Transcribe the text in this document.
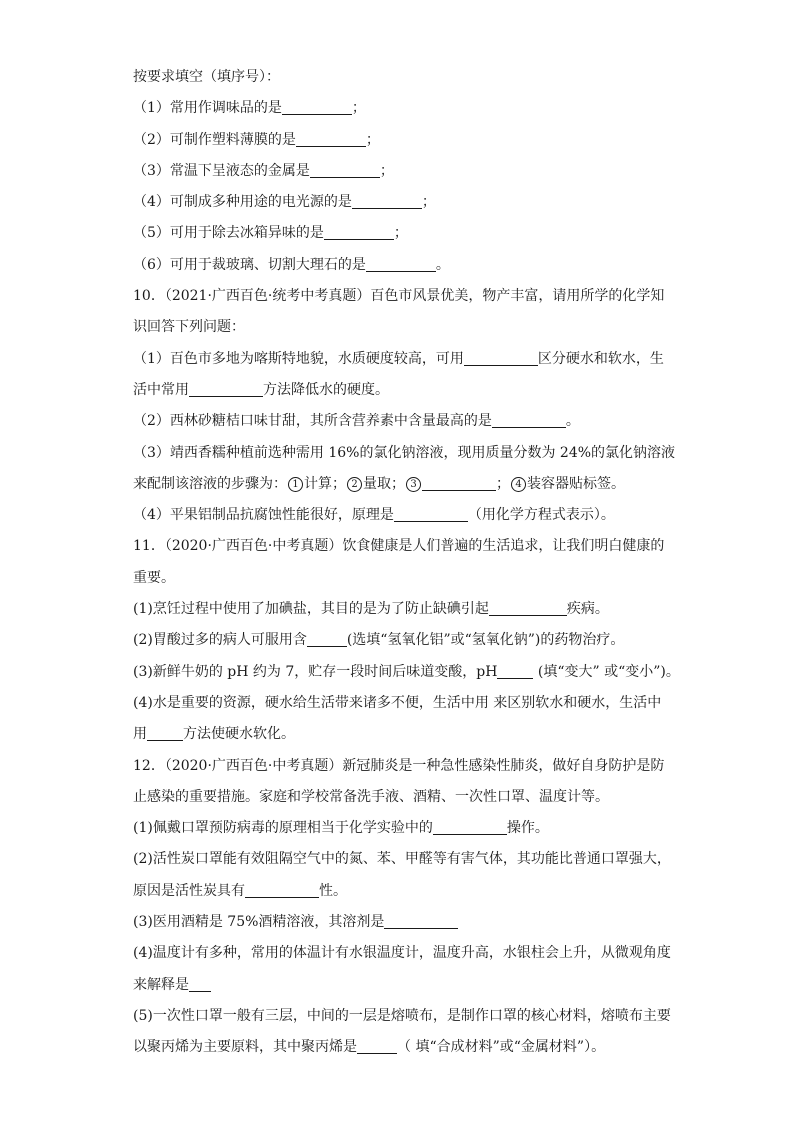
按要求填空（填序号）：
（1）常用作调味品的是	；
（2）可制作塑料薄膜的是	；
（3）常温下呈液态的金属是	；
（4）可制成多种用途的电光源的是	；
（5）可用于除去冰箱异味的是	；
（6）可用于裁玻璃、切割大理石的是	。
10．（2021·广西百色·统考中考真题）百色市风景优美，物产丰富，请用所学的化学知
识回答下列问题：
（1）百色市多地为喀斯特地貌，水质硬度较高，可用	区分硬水和软水，生
活中常用	方法降低水的硬度。
（2）西林砂糖桔口味甘甜，其所含营养素中含量最高的是	。
（3）靖西香糯种植前选种需用 16%的氯化钠溶液，现用质量分数为 24%的氯化钠溶液
来配制该溶液的步骤为： 1 计算； 2 量取； 3	； 4 装容器贴标签。
（4）平果铝制品抗腐蚀性能很好，原理是	（用化学方程式表示）。
11．（2020·广西百色·中考真题）饮食健康是人们普遍的生活追求，让我们明白健康的
重要。
(1)烹饪过程中使用了加碘盐，其目的是为了防止缺碘引起	疾病。
(2)胃酸过多的病人可服用含	(选填“氢氧化铝”或“氢氧化钠”)的药物治疗。
(3)新鲜牛奶的 pH 约为 7，贮存一段时间后味道变酸，pH	(填“变大” 或“变小”)。
(4)水是重要的资源，硬水给生活带来诸多不便，生活中用 来区别软水和硬水，生活中
用	方法使硬水软化。
12．（2020·广西百色·中考真题）新冠肺炎是一种急性感染性肺炎，做好自身防护是防
止感染的重要措施。家庭和学校常备洗手液、酒精、一次性口罩、温度计等。
(1)佩戴口罩预防病毒的原理相当于化学实验中的	操作。
(2)活性炭口罩能有效阻隔空气中的氮、苯、甲醛等有害气体，其功能比普通口罩强大，
原因是活性炭具有	性。
(3)医用酒精是 75%酒精溶液，其溶剂是
(4)温度计有多种，常用的体温计有水银温度计，温度升高，水银柱会上升，从微观角度
来解释是
(5)一次性口罩一般有三层，中间的一层是熔喷布，是制作口罩的核心材料，熔喷布主要
以聚丙烯为主要原料，其中聚丙烯是	（ 填“合成材料”或“金属材料”）。
